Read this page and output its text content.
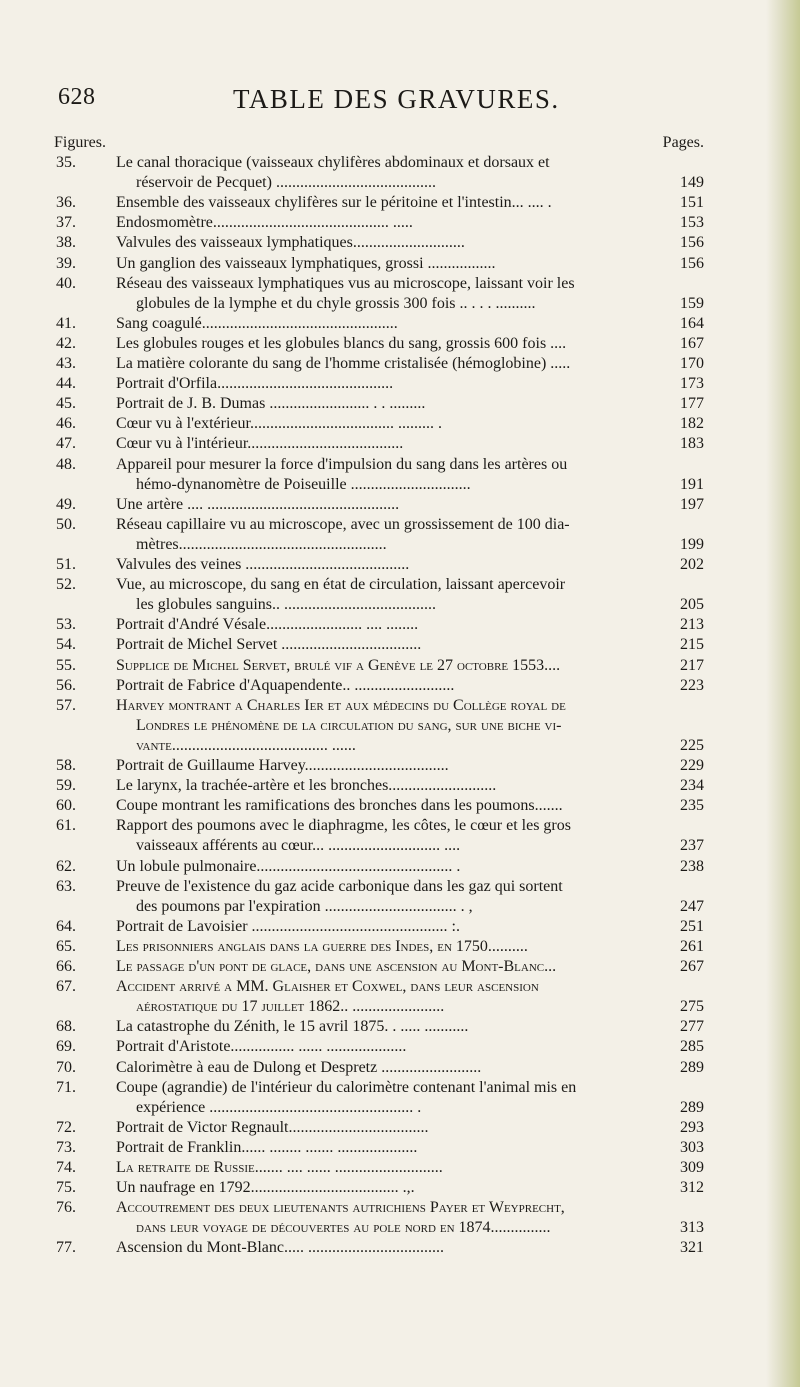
628	TABLE DES GRAVURES.
Figures.	Pages.
35.	Le canal thoracique (vaisseaux chylifères abdominaux et dorsaux et
réservoir de Pecquet) ........................................	149
36.	Ensemble des vaisseaux chylifères sur le péritoine et l'intestin... .... .	151
37.	Endosmomètre............................................ .....	153
38.	Valvules des vaisseaux lymphatiques............................	156
39.	Un ganglion des vaisseaux lymphatiques, grossi .................	156
40.	Réseau des vaisseaux lymphatiques vus au microscope, laissant voir les
globules de la lymphe et du chyle grossis 300 fois .. . . . ..........	159
41.	Sang coagulé.................................................	164
42.	Les globules rouges et les globules blancs du sang, grossis 600 fois ....	167
43.	La matière colorante du sang de l'homme cristalisée (hémoglobine) .....	170
44.	Portrait d'Orfila............................................	173
45.	Portrait de J. B. Dumas ......................... . . .........	177
46.	Cœur vu à l'extérieur.................................... ......... .	182
47.	Cœur vu à l'intérieur.......................................	183
48.	Appareil pour mesurer la force d'impulsion du sang dans les artères ou
hémo-dynanomètre de Poiseuille ..............................	191
49.	Une artère .... ................................................	197
50.	Réseau capillaire vu au microscope, avec un grossissement de 100 dia-
mètres....................................................	199
51.	Valvules des veines .........................................	202
52.	Vue, au microscope, du sang en état de circulation, laissant apercevoir
les globules sanguins.. ......................................	205
53.	Portrait d'André Vésale........................ .... ........	213
54.	Portrait de Michel Servet ...................................	215
55.	Supplice de Michel Servet, brulé vif a Genève le 27 octobre 1553....	217
56.	Portrait de Fabrice d'Aquapendente.. .........................	223
57.	Harvey montrant a Charles Ier et aux médecins du Collège royal de
Londres le phénomène de la circulation du sang, sur une biche vi-
vante....................................... ......	225
58.	Portrait de Guillaume Harvey....................................	229
59.	Le larynx, la trachée-artère et les bronches...........................	234
60.	Coupe montrant les ramifications des bronches dans les poumons.......	235
61.	Rapport des poumons avec le diaphragme, les côtes, le cœur et les gros
vaisseaux afférents au cœur... ............................ ....	237
62.	Un lobule pulmonaire................................................. .	238
63.	Preuve de l'existence du gaz acide carbonique dans les gaz qui sortent
des poumons par l'expiration ................................. . ,	247
64.	Portrait de Lavoisier ................................................. :.	251
65.	Les prisonniers anglais dans la guerre des Indes, en 1750..........	261
66.	Le passage d'un pont de glace, dans une ascension au Mont-Blanc...	267
67.	Accident arrivé a MM. Glaisher et Coxwel, dans leur ascension
aérostatique du 17 juillet 1862.. .......................	275
68.	La catastrophe du Zénith, le 15 avril 1875. . ..... ...........	277
69.	Portrait d'Aristote................ ...... ....................	285
70.	Calorimètre à eau de Dulong et Despretz .........................	289
71.	Coupe (agrandie) de l'intérieur du calorimètre contenant l'animal mis en
expérience ................................................... .	289
72.	Portrait de Victor Regnault...................................	293
73.	Portrait de Franklin...... ........ ....... ....................	303
74.	La retraite de Russie....... .... ...... ...........................	309
75.	Un naufrage en 1792..................................... .,.	312
76.	Accoutrement des deux lieutenants autrichiens Payer et Weyprecht,
dans leur voyage de découvertes au pole nord en 1874...............	313
77.	Ascension du Mont-Blanc..... ..................................	321
